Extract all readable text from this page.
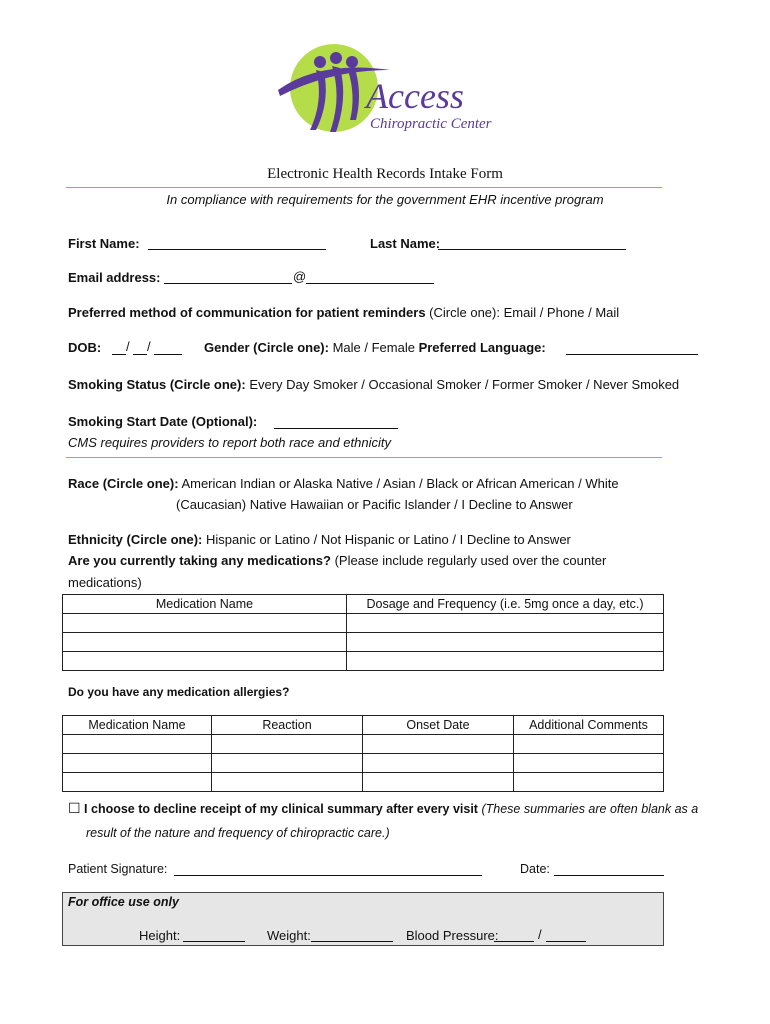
Access
Chiropractic Center
Electronic Health Records Intake Form
In compliance with requirements for the government EHR incentive program
First Name:	Last Name:
Email address:	@
Preferred method of communication for patient reminders (Circle one): Email / Phone / Mail
DOB: / /	Gender (Circle one): Male / Female Preferred Language:
Smoking Status (Circle one): Every Day Smoker / Occasional Smoker / Former Smoker / Never Smoked
Smoking Start Date (Optional):
CMS requires providers to report both race and ethnicity
Race (Circle one): American Indian or Alaska Native / Asian / Black or African American / White
(Caucasian) Native Hawaiian or Pacific Islander / I Decline to Answer
Ethnicity (Circle one): Hispanic or Latino / Not Hispanic or Latino / I Decline to Answer
Are you currently taking any medications? (Please include regularly used over the counter
medications)
Medication Name	Dosage and Frequency (i.e. 5mg once a day, etc.)

Do you have any medication allergies?
Medication Name	Reaction	Onset Date	Additional Comments

☐ I choose to decline receipt of my clinical summary after every visit (These summaries are often blank as a
result of the nature and frequency of chiropractic care.)
Patient Signature:	Date:
For office use only
Height:	Weight:	Blood Pressure:	/
